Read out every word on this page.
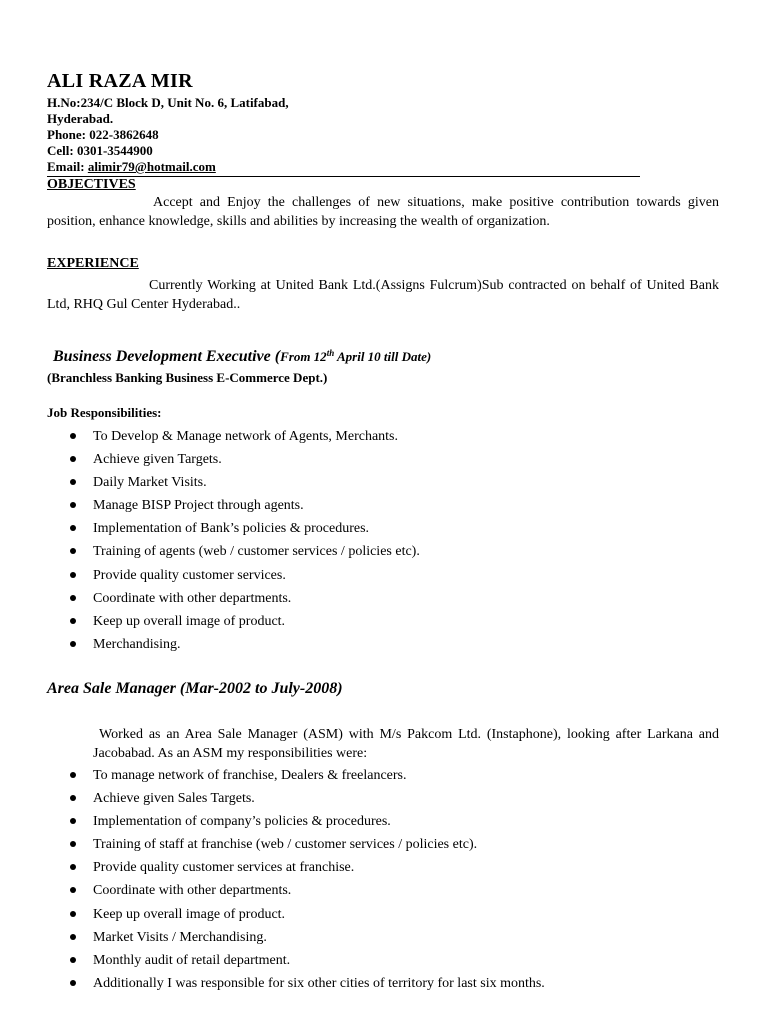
ALI RAZA MIR
H.No:234/C Block D, Unit No. 6, Latifabad,
Hyderabad.
Phone: 022-3862648
Cell: 0301-3544900
Email: alimir79@hotmail.com
OBJECTIVES
Accept and Enjoy the challenges of new situations, make positive contribution towards given position, enhance knowledge, skills and abilities by increasing the wealth of organization.
EXPERIENCE
Currently Working at United Bank Ltd.(Assigns Fulcrum)Sub contracted on behalf of United Bank Ltd, RHQ Gul Center Hyderabad..
Business Development Executive (From 12th April 10 till Date)
(Branchless Banking Business E-Commerce Dept.)
Job Responsibilities:
To Develop & Manage network of Agents, Merchants.
Achieve given Targets.
Daily Market Visits.
Manage BISP Project through agents.
Implementation of Bank’s policies & procedures.
Training of agents (web / customer services / policies etc).
Provide quality customer services.
Coordinate with other departments.
Keep up overall image of product.
Merchandising.
Area Sale Manager (Mar-2002 to July-2008)
Worked as an Area Sale Manager (ASM) with M/s Pakcom Ltd. (Instaphone), looking after Larkana and Jacobabad. As an ASM my responsibilities were:
To manage network of franchise, Dealers & freelancers.
Achieve given Sales Targets.
Implementation of company’s policies & procedures.
Training of staff at franchise (web / customer services / policies etc).
Provide quality customer services at franchise.
Coordinate with other departments.
Keep up overall image of product.
Market Visits / Merchandising.
Monthly audit of retail department.
Additionally I was responsible for six other cities of territory for last six months.
